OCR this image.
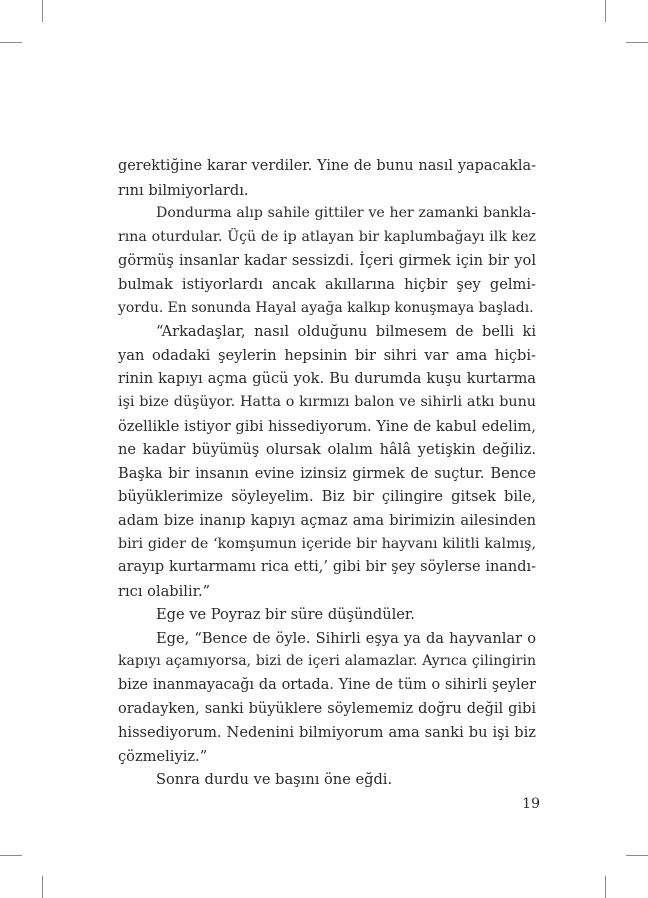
gerektiğine karar verdiler. Yine de bunu nasıl yapacakla-
rını bilmiyorlardı.
Dondurma alıp sahile gittiler ve her zamanki bankla-
rına oturdular. Üçü de ip atlayan bir kaplumbağayı ilk kez
görmüş insanlar kadar sessizdi. İçeri girmek için bir yol
bulmak istiyorlardı ancak akıllarına hiçbir şey gelmi-
yordu. En sonunda Hayal ayağa kalkıp konuşmaya başladı.
“Arkadaşlar, nasıl olduğunu bilmesem de belli ki
yan odadaki şeylerin hepsinin bir sihri var ama hiçbi-
rinin kapıyı açma gücü yok. Bu durumda kuşu kurtarma
işi bize düşüyor. Hatta o kırmızı balon ve sihirli atkı bunu
özellikle istiyor gibi hissediyorum. Yine de kabul edelim,
ne kadar büyümüş olursak olalım hâlâ yetişkin değiliz.
Başka bir insanın evine izinsiz girmek de suçtur. Bence
büyüklerimize söyleyelim. Biz bir çilingire gitsek bile,
adam bize inanıp kapıyı açmaz ama birimizin ailesinden
biri gider de ‘komşumun içeride bir hayvanı kilitli kalmış,
arayıp kurtarmamı rica etti,’ gibi bir şey söylerse inandı-
rıcı olabilir.”
Ege ve Poyraz bir süre düşündüler.
Ege, “Bence de öyle. Sihirli eşya ya da hayvanlar o
kapıyı açamıyorsa, bizi de içeri alamazlar. Ayrıca çilingirin
bize inanmayacağı da ortada. Yine de tüm o sihirli şeyler
oradayken, sanki büyüklere söylememiz doğru değil gibi
hissediyorum. Nedenini bilmiyorum ama sanki bu işi biz
çözmeliyiz.”
Sonra durdu ve başını öne eğdi.
19
